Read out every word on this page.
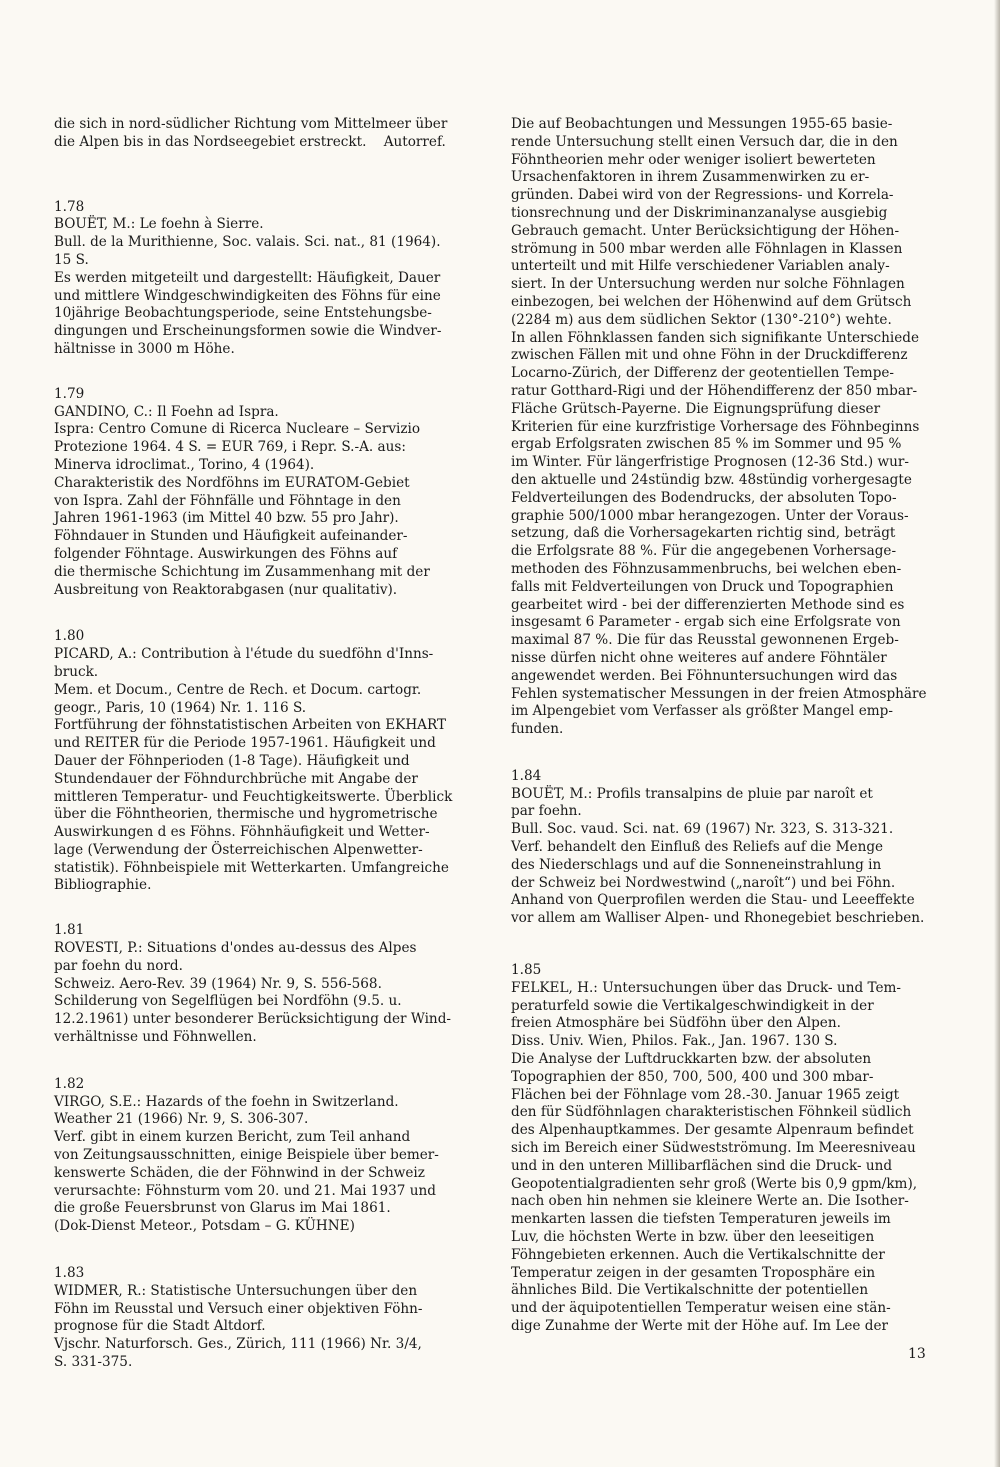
die sich in nord-südlicher Richtung vom Mittelmeer über
die Alpen bis in das Nordseegebiet erstreckt.    Autorref.
1.78
BOUËT, M.: Le foehn à Sierre.
Bull. de la Murithienne, Soc. valais. Sci. nat., 81 (1964).
15 S.
Es werden mitgeteilt und dargestellt: Häufigkeit, Dauer
und mittlere Windgeschwindigkeiten des Föhns für eine
10jährige Beobachtungsperiode, seine Entstehungsbe-
dingungen und Erscheinungsformen sowie die Windver-
hältnisse in 3000 m Höhe.
1.79
GANDINO, C.: Il Foehn ad Ispra.
Ispra: Centro Comune di Ricerca Nucleare – Servizio
Protezione 1964. 4 S. = EUR 769, i Repr. S.-A. aus:
Minerva idroclimat., Torino, 4 (1964).
Charakteristik des Nordföhns im EURATOM-Gebiet
von Ispra. Zahl der Föhnfälle und Föhntage in den
Jahren 1961-1963 (im Mittel 40 bzw. 55 pro Jahr).
Föhndauer in Stunden und Häufigkeit aufeinander-
folgender Föhntage. Auswirkungen des Föhns auf
die thermische Schichtung im Zusammenhang mit der
Ausbreitung von Reaktorabgasen (nur qualitativ).
1.80
PICARD, A.: Contribution à l'étude du suedföhn d'Inns-
bruck.
Mem. et Docum., Centre de Rech. et Docum. cartogr.
geogr., Paris, 10 (1964) Nr. 1. 116 S.
Fortführung der föhnstatistischen Arbeiten von EKHART
und REITER für die Periode 1957-1961. Häufigkeit und
Dauer der Föhnperioden (1-8 Tage). Häufigkeit und
Stundendauer der Föhndurchbrüche mit Angabe der
mittleren Temperatur- und Feuchtigkeitswerte. Überblick
über die Föhntheorien, thermische und hygrometrische
Auswirkungen d es Föhns. Föhnhäufigkeit und Wetter-
lage (Verwendung der Österreichischen Alpenwetter-
statistik). Föhnbeispiele mit Wetterkarten. Umfangreiche
Bibliographie.
1.81
ROVESTI, P.: Situations d'ondes au-dessus des Alpes
par foehn du nord.
Schweiz. Aero-Rev. 39 (1964) Nr. 9, S. 556-568.
Schilderung von Segelflügen bei Nordföhn (9.5. u.
12.2.1961) unter besonderer Berücksichtigung der Wind-
verhältnisse und Föhnwellen.
1.82
VIRGO, S.E.: Hazards of the foehn in Switzerland.
Weather 21 (1966) Nr. 9, S. 306-307.
Verf. gibt in einem kurzen Bericht, zum Teil anhand
von Zeitungsausschnitten, einige Beispiele über bemer-
kenswerte Schäden, die der Föhnwind in der Schweiz
verursachte: Föhnsturm vom 20. und 21. Mai 1937 und
die große Feuersbrunst von Glarus im Mai 1861.
(Dok-Dienst Meteor., Potsdam – G. KÜHNE)
1.83
WIDMER, R.: Statistische Untersuchungen über den
Föhn im Reusstal und Versuch einer objektiven Föhn-
prognose für die Stadt Altdorf.
Vjschr. Naturforsch. Ges., Zürich, 111 (1966) Nr. 3/4,
S. 331-375.
Die auf Beobachtungen und Messungen 1955-65 basie-
rende Untersuchung stellt einen Versuch dar, die in den
Föhntheorien mehr oder weniger isoliert bewerteten
Ursachenfaktoren in ihrem Zusammenwirken zu er-
gründen. Dabei wird von der Regressions- und Korrela-
tionsrechnung und der Diskriminanzanalyse ausgiebig
Gebrauch gemacht. Unter Berücksichtigung der Höhen-
strömung in 500 mbar werden alle Föhnlagen in Klassen
unterteilt und mit Hilfe verschiedener Variablen analy-
siert. In der Untersuchung werden nur solche Föhnlagen
einbezogen, bei welchen der Höhenwind auf dem Grütsch
(2284 m) aus dem südlichen Sektor (130°-210°) wehte.
In allen Föhnklassen fanden sich signifikante Unterschiede
zwischen Fällen mit und ohne Föhn in der Druckdifferenz
Locarno-Zürich, der Differenz der geotentiellen Tempe-
ratur Gotthard-Rigi und der Höhendifferenz der 850 mbar-
Fläche Grütsch-Payerne. Die Eignungsprüfung dieser
Kriterien für eine kurzfristige Vorhersage des Föhnbeginns
ergab Erfolgsraten zwischen 85 % im Sommer und 95 %
im Winter. Für längerfristige Prognosen (12-36 Std.) wur-
den aktuelle und 24stündig bzw. 48stündig vorhergesagte
Feldverteilungen des Bodendrucks, der absoluten Topo-
graphie 500/1000 mbar herangezogen. Unter der Voraus-
setzung, daß die Vorhersagekarten richtig sind, beträgt
die Erfolgsrate 88 %. Für die angegebenen Vorhersage-
methoden des Föhnzusammenbruchs, bei welchen eben-
falls mit Feldverteilungen von Druck und Topographien
gearbeitet wird - bei der differenzierten Methode sind es
insgesamt 6 Parameter - ergab sich eine Erfolgsrate von
maximal 87 %. Die für das Reusstal gewonnenen Ergeb-
nisse dürfen nicht ohne weiteres auf andere Föhntäler
angewendet werden. Bei Föhnuntersuchungen wird das
Fehlen systematischer Messungen in der freien Atmosphäre
im Alpengebiet vom Verfasser als größter Mangel emp-
funden.
1.84
BOUËT, M.: Profils transalpins de pluie par naroît et
par foehn.
Bull. Soc. vaud. Sci. nat. 69 (1967) Nr. 323, S. 313-321.
Verf. behandelt den Einfluß des Reliefs auf die Menge
des Niederschlags und auf die Sonneneinstrahlung in
der Schweiz bei Nordwestwind („naroît“) und bei Föhn.
Anhand von Querprofilen werden die Stau- und Leeeffekte
vor allem am Walliser Alpen- und Rhonegebiet beschrieben.
1.85
FELKEL, H.: Untersuchungen über das Druck- und Tem-
peraturfeld sowie die Vertikalgeschwindigkeit in der
freien Atmosphäre bei Südföhn über den Alpen.
Diss. Univ. Wien, Philos. Fak., Jan. 1967. 130 S.
Die Analyse der Luftdruckkarten bzw. der absoluten
Topographien der 850, 700, 500, 400 und 300 mbar-
Flächen bei der Föhnlage vom 28.-30. Januar 1965 zeigt
den für Südföhnlagen charakteristischen Föhnkeil südlich
des Alpenhauptkammes. Der gesamte Alpenraum befindet
sich im Bereich einer Südwestströmung. Im Meeresniveau
und in den unteren Millibarflächen sind die Druck- und
Geopotentialgradienten sehr groß (Werte bis 0,9 gpm/km),
nach oben hin nehmen sie kleinere Werte an. Die Isother-
menkarten lassen die tiefsten Temperaturen jeweils im
Luv, die höchsten Werte in bzw. über den leeseitigen
Föhngebieten erkennen. Auch die Vertikalschnitte der
Temperatur zeigen in der gesamten Troposphäre ein
ähnliches Bild. Die Vertikalschnitte der potentiellen
und der äquipotentiellen Temperatur weisen eine stän-
dige Zunahme der Werte mit der Höhe auf. Im Lee der
13
